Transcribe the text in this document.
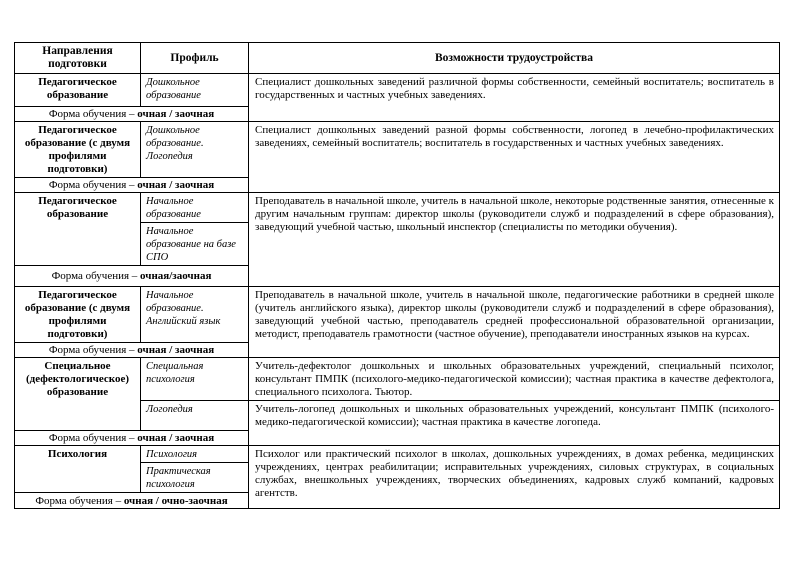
Направления подготовки	Профиль	Возможности трудоустройства
Педагогическое образование	Дошкольное образование	Специалист дошкольных заведений различной формы собственности, семейный воспитатель; воспитатель в государственных и частных учебных заведениях.
Форма обучения – очная / заочная		
Педагогическое образование (с двумя профилями подготовки)	Дошкольное образование. Логопедия	Специалист дошкольных заведений разной формы собственности, логопед в лечебно-профилактических заведениях, семейный воспитатель; воспитатель в государственных и частных учебных заведениях.
Форма обучения – очная / заочная		
Педагогическое образование	Начальное образование	Преподаватель в начальной школе, учитель в начальной школе, некоторые родственные занятия, отнесенные к другим начальным группам: директор школы (руководители служб и подразделений в сфере образования), заведующий учебной частью, школьный инспектор (специалисты по методики обучения).
	Начальное образование на базе СПО	
Форма обучения – очная/заочная		
Педагогическое образование (с двумя профилями подготовки)	Начальное образование. Английский язык	Преподаватель в начальной школе, учитель в начальной школе, педагогические работники в средней школе (учитель английского языка), директор школы (руководители служб и подразделений в сфере образования), заведующий учебной частью, преподаватель средней профессиональной образовательной организации, методист, преподаватель грамотности (частное обучение), преподаватели иностранных языков на курсах.
Форма обучения – очная / заочная		
Специальное (дефектологическое) образование	Специальная психология	Учитель-дефектолог дошкольных и школьных образовательных учреждений, специальный психолог, консультант ПМПК (психолого-медико-педагогической комиссии); частная практика в качестве дефектолога, специального психолога. Тьютор.
	Логопедия	Учитель-логопед дошкольных и школьных образовательных учреждений, консультант ПМПК (психолого-медико-педагогической комиссии); частная практика в качестве логопеда.
Форма обучения – очная / заочная		
Психология	Психология	Психолог или практический психолог в школах, дошкольных учреждениях, в домах ребенка, медицинских учреждениях, центрах реабилитации; исправительных учреждениях, силовых структурах, в социальных службах, внешкольных учреждениях, творческих объединениях, кадровых служб компаний, кадровых агентств.
	Практическая психология	
Форма обучения – очная / очно-заочная		
